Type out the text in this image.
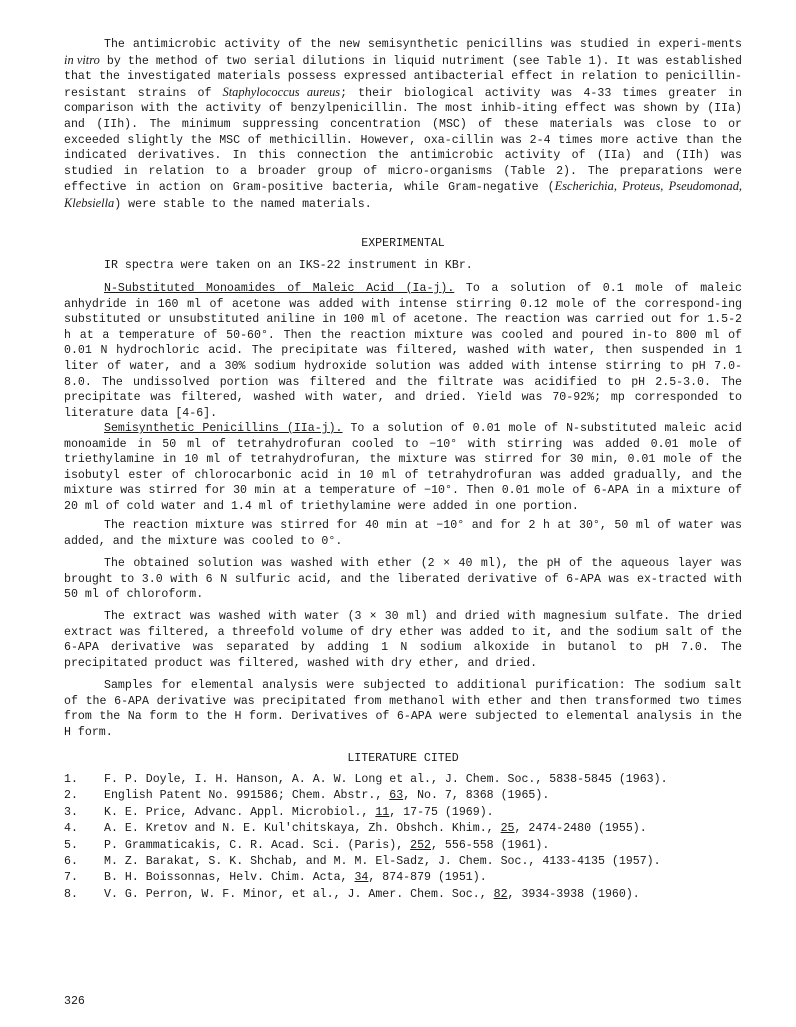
The antimicrobic activity of the new semisynthetic penicillins was studied in experi-ments in vitro by the method of two serial dilutions in liquid nutriment (see Table 1). It was established that the investigated materials possess expressed antibacterial effect in relation to penicillin-resistant strains of Staphylococcus aureus; their biological activity was 4-33 times greater in comparison with the activity of benzylpenicillin. The most inhib-iting effect was shown by (IIa) and (IIh). The minimum suppressing concentration (MSC) of these materials was close to or exceeded slightly the MSC of methicillin. However, oxa-cillin was 2-4 times more active than the indicated derivatives. In this connection the antimicrobic activity of (IIa) and (IIh) was studied in relation to a broader group of micro-organisms (Table 2). The preparations were effective in action on Gram-positive bacteria, while Gram-negative (Escherichia, Proteus, Pseudomonad, Klebsiella) were stable to the named materials.

EXPERIMENTAL

IR spectra were taken on an IKS-22 instrument in KBr.

N-Substituted Monoamides of Maleic Acid (Ia-j). To a solution of 0.1 mole of maleic anhydride in 160 ml of acetone was added with intense stirring 0.12 mole of the correspond-ing substituted or unsubstituted aniline in 100 ml of acetone. The reaction was carried out for 1.5-2 h at a temperature of 50-60°. Then the reaction mixture was cooled and poured in-to 800 ml of 0.01 N hydrochloric acid. The precipitate was filtered, washed with water, then suspended in 1 liter of water, and a 30% sodium hydroxide solution was added with intense stirring to pH 7.0-8.0. The undissolved portion was filtered and the filtrate was acidified to pH 2.5-3.0. The precipitate was filtered, washed with water, and dried. Yield was 70-92%; mp corresponded to literature data [4-6].

Semisynthetic Penicillins (IIa-j). To a solution of 0.01 mole of N-substituted maleic acid monoamide in 50 ml of tetrahydrofuran cooled to −10° with stirring was added 0.01 mole of triethylamine in 10 ml of tetrahydrofuran, the mixture was stirred for 30 min, 0.01 mole of the isobutyl ester of chlorocarbonic acid in 10 ml of tetrahydrofuran was added gradually, and the mixture was stirred for 30 min at a temperature of −10°. Then 0.01 mole of 6-APA in a mixture of 20 ml of cold water and 1.4 ml of triethylamine were added in one portion.

The reaction mixture was stirred for 40 min at −10° and for 2 h at 30°, 50 ml of water was added, and the mixture was cooled to 0°.

The obtained solution was washed with ether (2 × 40 ml), the pH of the aqueous layer was brought to 3.0 with 6 N sulfuric acid, and the liberated derivative of 6-APA was ex-tracted with 50 ml of chloroform.

The extract was washed with water (3 × 30 ml) and dried with magnesium sulfate. The dried extract was filtered, a threefold volume of dry ether was added to it, and the sodium salt of the 6-APA derivative was separated by adding 1 N sodium alkoxide in butanol to pH 7.0. The precipitated product was filtered, washed with dry ether, and dried.

Samples for elemental analysis were subjected to additional purification: The sodium salt of the 6-APA derivative was precipitated from methanol with ether and then transformed two times from the Na form to the H form. Derivatives of 6-APA were subjected to elemental analysis in the H form.

LITERATURE CITED
1.	F. P. Doyle, I. H. Hanson, A. A. W. Long et al., J. Chem. Soc., 5838-5845 (1963).
2.	English Patent No. 991586; Chem. Abstr., 63, No. 7, 8368 (1965).
3.	K. E. Price, Advanc. Appl. Microbiol., 11, 17-75 (1969).
4.	A. E. Kretov and N. E. Kul'chitskaya, Zh. Obshch. Khim., 25, 2474-2480 (1955).
5.	P. Grammaticakis, C. R. Acad. Sci. (Paris), 252, 556-558 (1961).
6.	M. Z. Barakat, S. K. Shchab, and M. M. El-Sadz, J. Chem. Soc., 4133-4135 (1957).
7.	B. H. Boissonnas, Helv. Chim. Acta, 34, 874-879 (1951).
8.	V. G. Perron, W. F. Minor, et al., J. Amer. Chem. Soc., 82, 3934-3938 (1960).
326
